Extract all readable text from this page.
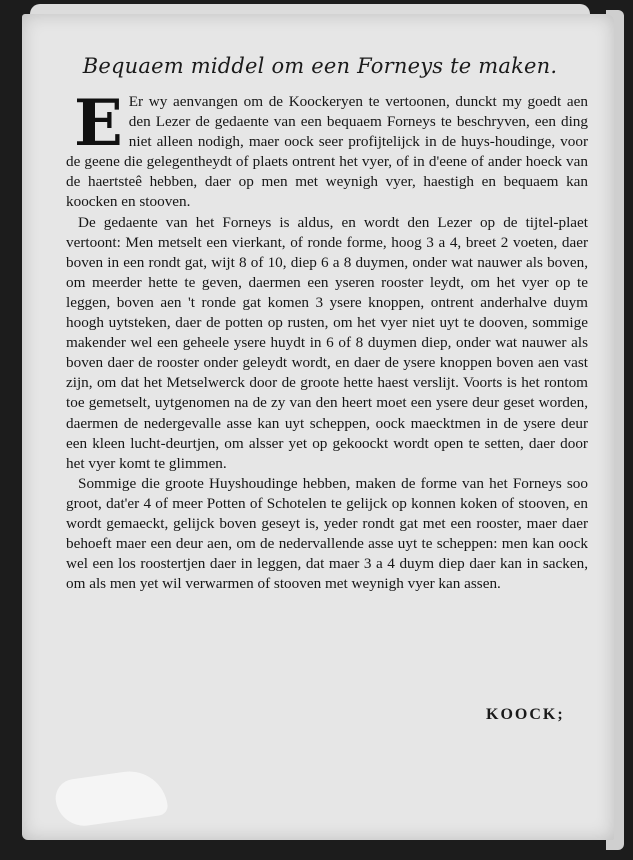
Bequaem middel om een Forneys te maken.

E Er wy aenvangen om de Koockeryen te vertoonen, dunckt my goedt aen den Lezer de gedaente van een bequaem Forneys te beschryven, een ding niet alleen nodigh, maer oock seer profijtelijck in de huys-houdinge, voor de geene die gelegentheydt of plaets ontrent het vyer, of in d'eene of ander hoeck van de haertsteê hebben, daer op men met weynigh vyer, haestigh en bequaem kan koocken en stooven.

De gedaente van het Forneys is aldus, en wordt den Lezer op de tijtel-plaet vertoont: Men metselt een vierkant, of ronde forme, hoog 3 a 4, breet 2 voeten, daer boven in een rondt gat, wijt 8 of 10, diep 6 a 8 duymen, onder wat nauwer als boven, om meerder hette te geven, daermen een yseren rooster leydt, om het vyer op te leggen, boven aen 't ronde gat komen 3 ysere knoppen, ontrent anderhalve duym hoogh uytsteken, daer de potten op rusten, om het vyer niet uyt te dooven, sommige makender wel een geheele ysere huydt in 6 of 8 duymen diep, onder wat nauwer als boven daer de rooster onder geleydt wordt, en daer de ysere knoppen boven aen vast zijn, om dat het Metselwerck door de groote hette haest verslijt. Voorts is het rontom toe gemetselt, uytgenomen na de zy van den heert moet een ysere deur geset worden, daermen de nedergevalle asse kan uyt scheppen, oock maecktmen in de ysere deur een kleen lucht-deurtjen, om alsser yet op gekoockt wordt open te setten, daer door het vyer komt te glimmen.

Sommige die groote Huyshoudinge hebben, maken de forme van het Forneys soo groot, dat'er 4 of meer Potten of Schotelen te gelijck op konnen koken of stooven, en wordt gemaeckt, gelijck boven geseyt is, yeder rondt gat met een rooster, maer daer behoeft maer een deur aen, om de nedervallende asse uyt te scheppen: men kan oock wel een los roostertjen daer in leggen, dat maer 3 a 4 duym diep daer kan in sacken, om als men yet wil verwarmen of stooven met weynigh vyer kan assen.

KOOCK;
